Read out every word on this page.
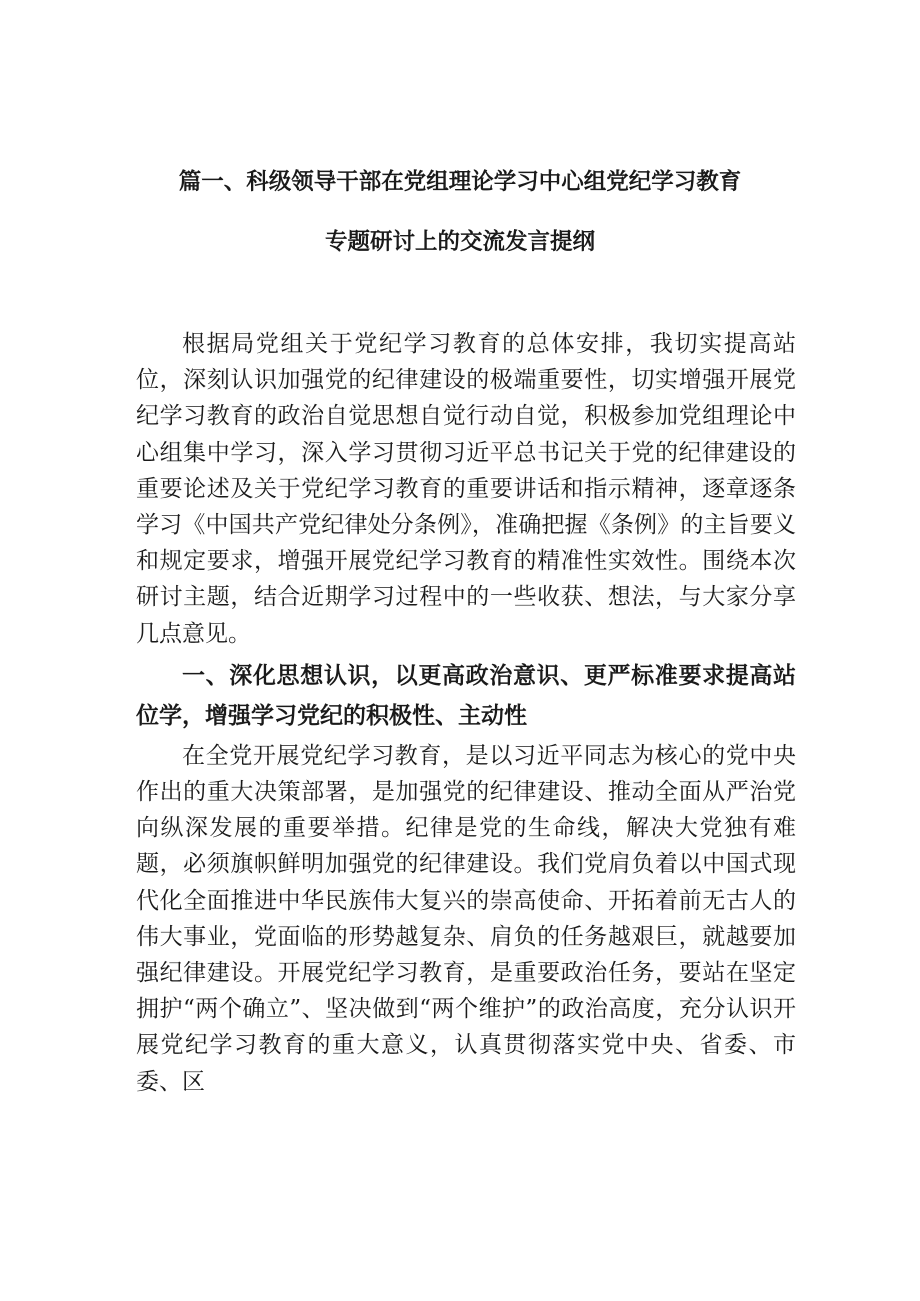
篇一、科级领导干部在党组理论学习中心组党纪学习教育
专题研讨上的交流发言提纲

根据局党组关于党纪学习教育的总体安排，我切实提高站位，深刻认识加强党的纪律建设的极端重要性，切实增强开展党纪学习教育的政治自觉思想自觉行动自觉，积极参加党组理论中心组集中学习，深入学习贯彻习近平总书记关于党的纪律建设的重要论述及关于党纪学习教育的重要讲话和指示精神，逐章逐条学习《中国共产党纪律处分条例》，准确把握《条例》的主旨要义和规定要求，增强开展党纪学习教育的精准性实效性。围绕本次研讨主题，结合近期学习过程中的一些收获、想法，与大家分享几点意见。

一、深化思想认识，以更高政治意识、更严标准要求提高站位学，增强学习党纪的积极性、主动性

在全党开展党纪学习教育，是以习近平同志为核心的党中央作出的重大决策部署，是加强党的纪律建设、推动全面从严治党向纵深发展的重要举措。纪律是党的生命线，解决大党独有难题，必须旗帜鲜明加强党的纪律建设。我们党肩负着以中国式现代化全面推进中华民族伟大复兴的崇高使命、开拓着前无古人的伟大事业，党面临的形势越复杂、肩负的任务越艰巨，就越要加强纪律建设。开展党纪学习教育，是重要政治任务，要站在坚定拥护“两个确立”、坚决做到“两个维护”的政治高度，充分认识开展党纪学习教育的重大意义，认真贯彻落实党中央、省委、市委、区
